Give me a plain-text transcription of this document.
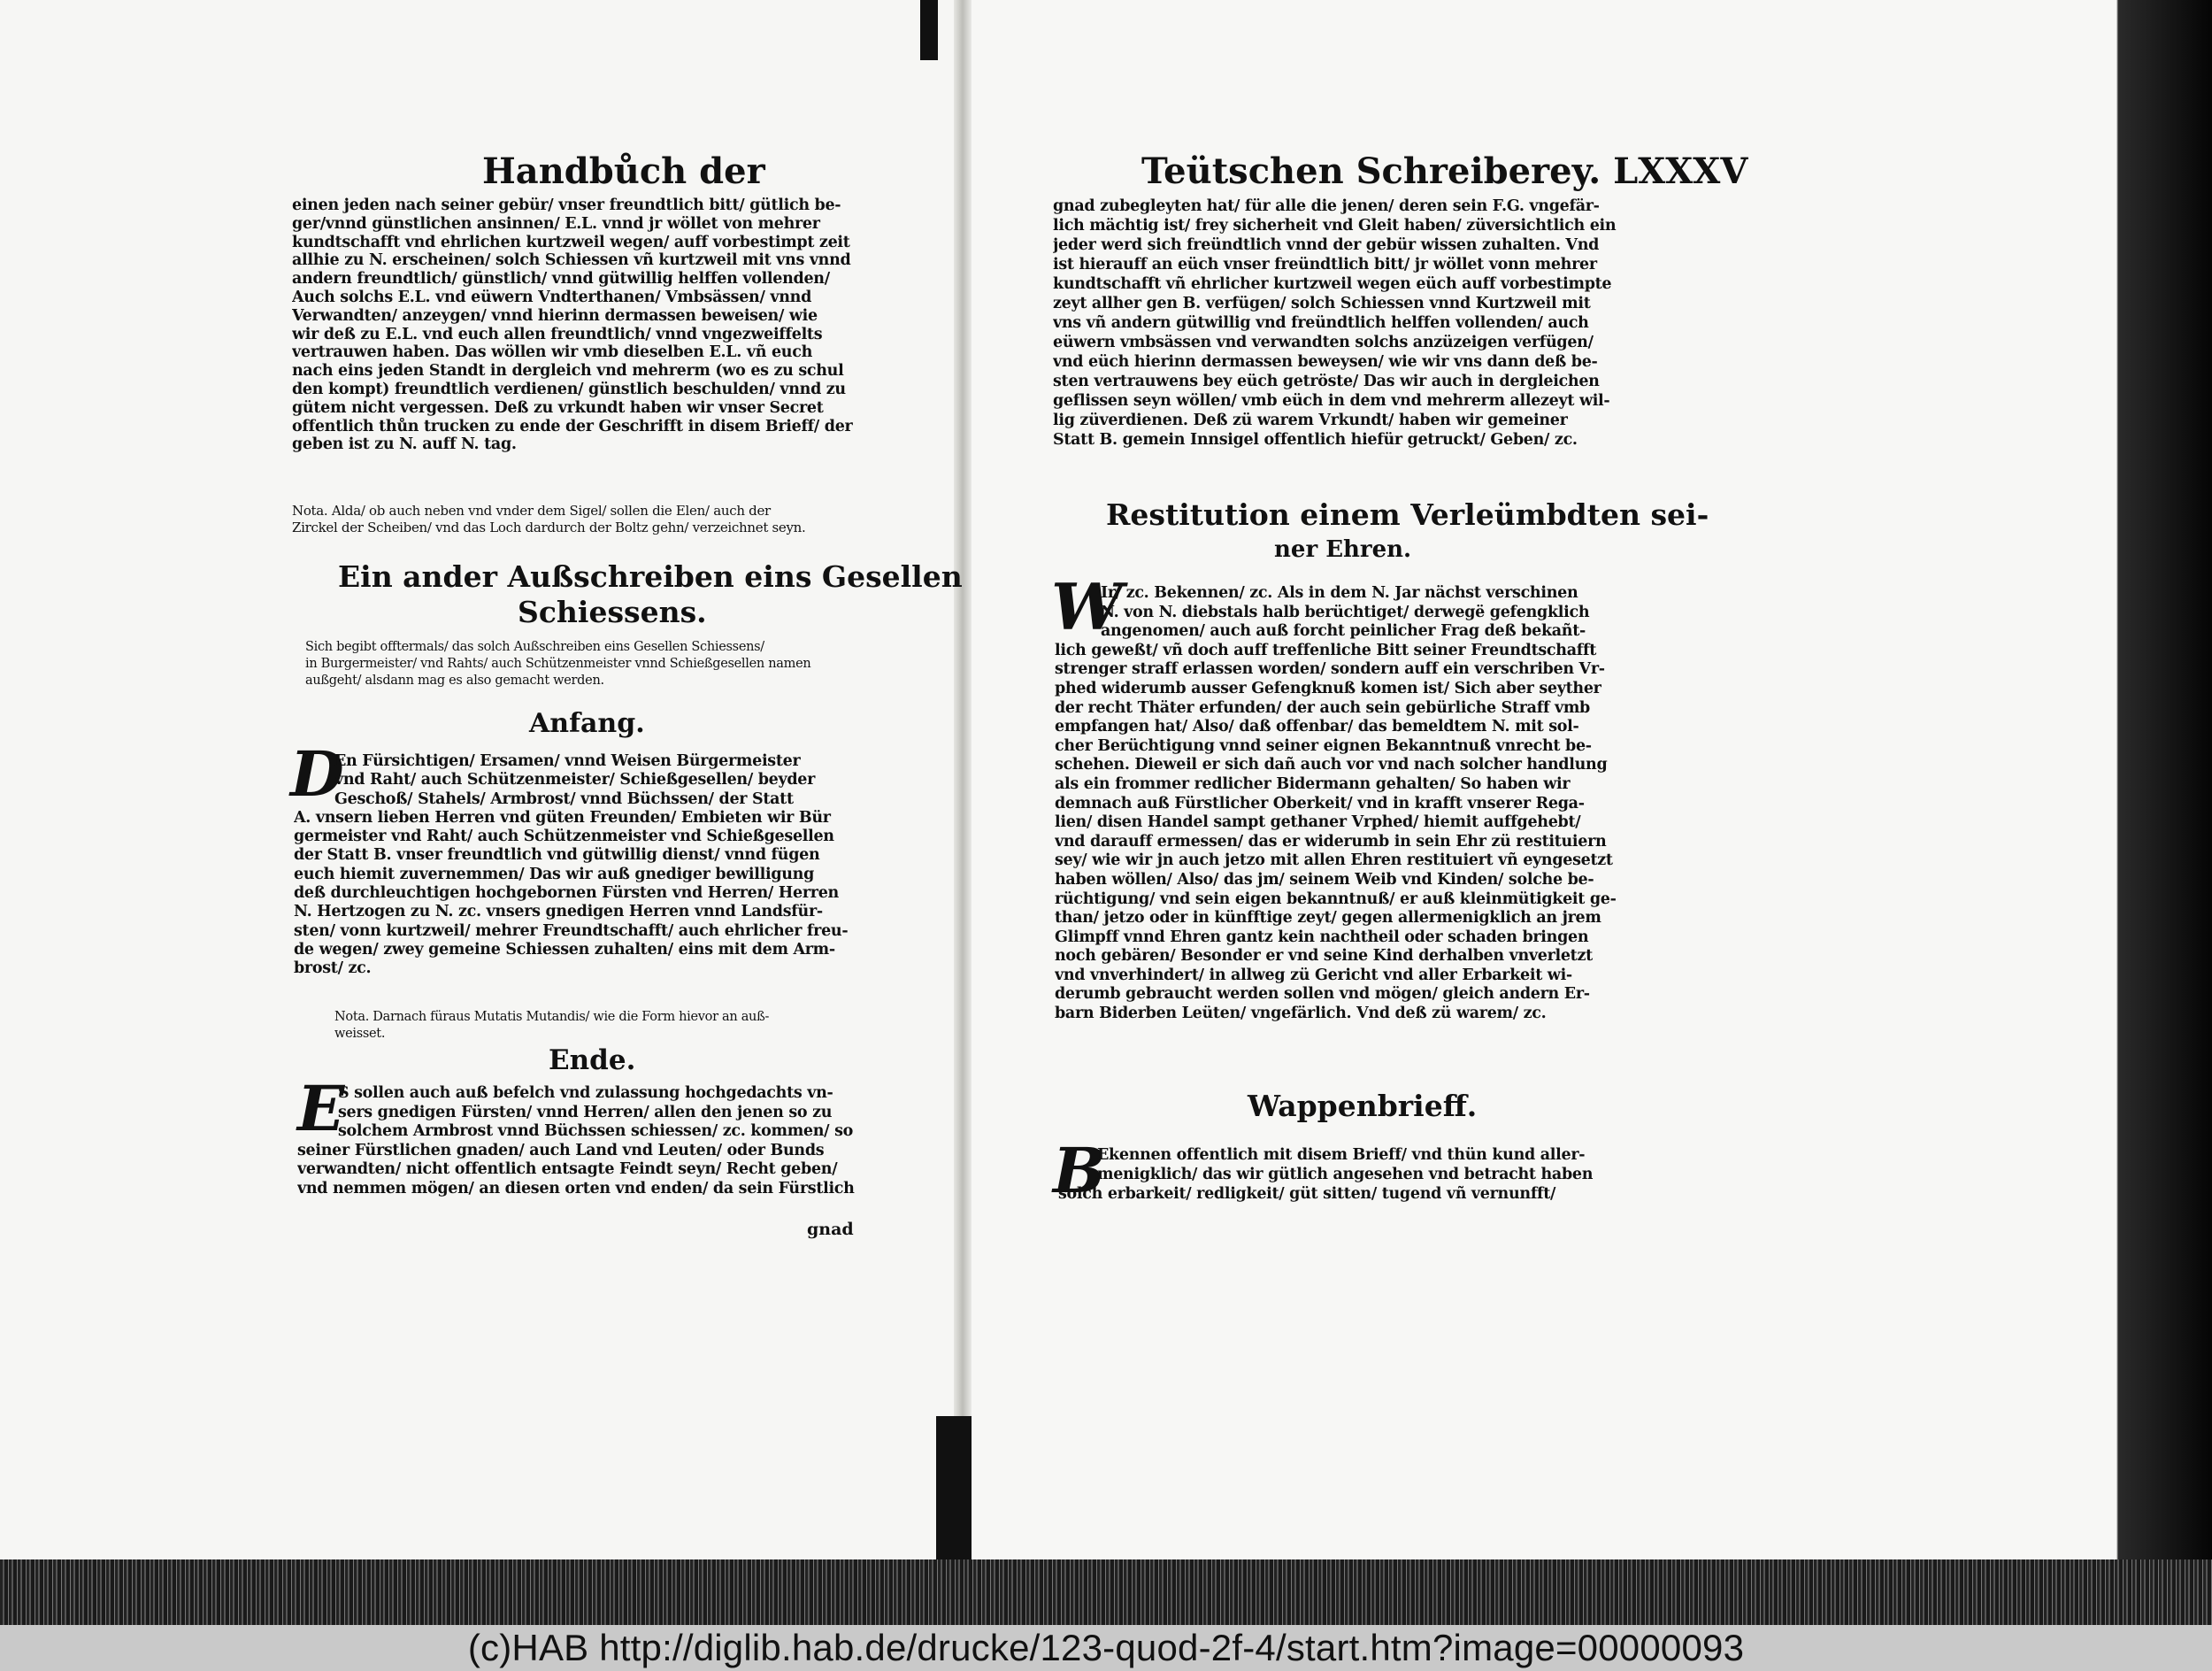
Handbůch der
einen jeden nach seiner gebür/ vnser freundtlich bitt/ gütlich be-
ger/vnnd günstlichen ansinnen/ E.L. vnnd jr wöllet von mehrer
kundtschafft vnd ehrlichen kurtzweil wegen/ auff vorbestimpt zeit
allhie zu N. erscheinen/ solch Schiessen vñ kurtzweil mit vns vnnd
andern freundtlich/ günstlich/ vnnd gütwillig helffen vollenden/
Auch solchs E.L. vnd eüwern Vndterthanen/ Vmbsässen/ vnnd
Verwandten/ anzeygen/ vnnd hierinn dermassen beweisen/ wie
wir deß zu E.L. vnd euch allen freundtlich/ vnnd vngezweiffelts
vertrauwen haben. Das wöllen wir vmb dieselben E.L. vñ euch
nach eins jeden Standt in dergleich vnd mehrerm (wo es zu schul
den kompt) freundtlich verdienen/ günstlich beschulden/ vnnd zu
gütem nicht vergessen. Deß zu vrkundt haben wir vnser Secret
offentlich thůn trucken zu ende der Geschrifft in disem Brieff/ der
geben ist zu N. auff N. tag.
Nota. Alda/ ob auch neben vnd vnder dem Sigel/ sollen die Elen/ auch der
Zirckel der Scheiben/ vnd das Loch dardurch der Boltz gehn/ verzeichnet seyn.
Ein ander Außschreiben eins Gesellen
Schiessens.
Sich begibt offtermals/ das solch Außschreiben eins Gesellen Schiessens/
in Burgermeister/ vnd Rahts/ auch Schützenmeister vnnd Schießgesellen namen
außgeht/ alsdann mag es also gemacht werden.
Anfang.
D
En Fürsichtigen/ Ersamen/ vnnd Weisen Bürgermeister
vnd Raht/ auch Schützenmeister/ Schießgesellen/ beyder
Geschoß/ Stahels/ Armbrost/ vnnd Büchssen/ der Statt
A. vnsern lieben Herren vnd güten Freunden/ Embieten wir Bür
germeister vnd Raht/ auch Schützenmeister vnd Schießgesellen
der Statt B. vnser freundtlich vnd gütwillig dienst/ vnnd fügen
euch hiemit zuvernemmen/ Das wir auß gnediger bewilligung
deß durchleuchtigen hochgebornen Fürsten vnd Herren/ Herren
N. Hertzogen zu N. zc. vnsers gnedigen Herren vnnd Landsfür-
sten/ vonn kurtzweil/ mehrer Freundtschafft/ auch ehrlicher freu-
de wegen/ zwey gemeine Schiessen zuhalten/ eins mit dem Arm-
brost/ zc.
Nota. Darnach füraus Mutatis Mutandis/ wie die Form hievor an auß-
weisset.
Ende.
E
S sollen auch auß befelch vnd zulassung hochgedachts vn-
sers gnedigen Fürsten/ vnnd Herren/ allen den jenen so zu
solchem Armbrost vnnd Büchssen schiessen/ zc. kommen/ so
seiner Fürstlichen gnaden/ auch Land vnd Leuten/ oder Bunds
verwandten/ nicht offentlich entsagte Feindt seyn/ Recht geben/
vnd nemmen mögen/ an diesen orten vnd enden/ da sein Fürstlich
gnad
Teütschen Schreiberey. LXXXV
gnad zubegleyten hat/ für alle die jenen/ deren sein F.G. vngefär-
lich mächtig ist/ frey sicherheit vnd Gleit haben/ züversichtlich ein
jeder werd sich freündtlich vnnd der gebür wissen zuhalten. Vnd
ist hierauff an eüch vnser freündtlich bitt/ jr wöllet vonn mehrer
kundtschafft vñ ehrlicher kurtzweil wegen eüch auff vorbestimpte
zeyt allher gen B. verfügen/ solch Schiessen vnnd Kurtzweil mit
vns vñ andern gütwillig vnd freündtlich helffen vollenden/ auch
eüwern vmbsässen vnd verwandten solchs anzüzeigen verfügen/
vnd eüch hierinn dermassen beweysen/ wie wir vns dann deß be-
sten vertrauwens bey eüch getröste/ Das wir auch in dergleichen
geflissen seyn wöllen/ vmb eüch in dem vnd mehrerm allezeyt wil-
lig züverdienen. Deß zü warem Vrkundt/ haben wir gemeiner
Statt B. gemein Innsigel offentlich hiefür getruckt/ Geben/ zc.
Restitution einem Verleümbdten sei-
ner Ehren.
W
Ir/ zc. Bekennen/ zc. Als in dem N. Jar nächst verschinen
N. von N. diebstals halb berüchtiget/ derwegë gefengklich
angenomen/ auch auß forcht peinlicher Frag deß bekañt-
lich geweßt/ vñ doch auff treffenliche Bitt seiner Freundtschafft
strenger straff erlassen worden/ sondern auff ein verschriben Vr-
phed widerumb ausser Gefengknuß komen ist/ Sich aber seyther
der recht Thäter erfunden/ der auch sein gebürliche Straff vmb
empfangen hat/ Also/ daß offenbar/ das bemeldtem N. mit sol-
cher Berüchtigung vnnd seiner eignen Bekanntnuß vnrecht be-
schehen. Dieweil er sich dañ auch vor vnd nach solcher handlung
als ein frommer redlicher Bidermann gehalten/ So haben wir
demnach auß Fürstlicher Oberkeit/ vnd in krafft vnserer Rega-
lien/ disen Handel sampt gethaner Vrphed/ hiemit auffgehebt/
vnd darauff ermessen/ das er widerumb in sein Ehr zü restituiern
sey/ wie wir jn auch jetzo mit allen Ehren restituiert vñ eyngesetzt
haben wöllen/ Also/ das jm/ seinem Weib vnd Kinden/ solche be-
rüchtigung/ vnd sein eigen bekanntnuß/ er auß kleinmütigkeit ge-
than/ jetzo oder in künfftige zeyt/ gegen allermenigklich an jrem
Glimpff vnnd Ehren gantz kein nachtheil oder schaden bringen
noch gebären/ Besonder er vnd seine Kind derhalben vnverletzt
vnd vnverhindert/ in allweg zü Gericht vnd aller Erbarkeit wi-
derumb gebraucht werden sollen vnd mögen/ gleich andern Er-
barn Biderben Leüten/ vngefärlich. Vnd deß zü warem/ zc.
Wappenbrieff.
B
Ekennen offentlich mit disem Brieff/ vnd thün kund aller-
menigklich/ das wir gütlich angesehen vnd betracht haben
solch erbarkeit/ redligkeit/ güt sitten/ tugend vñ vernunfft/
(c)HAB http://diglib.hab.de/drucke/123-quod-2f-4/start.htm?image=00000093
